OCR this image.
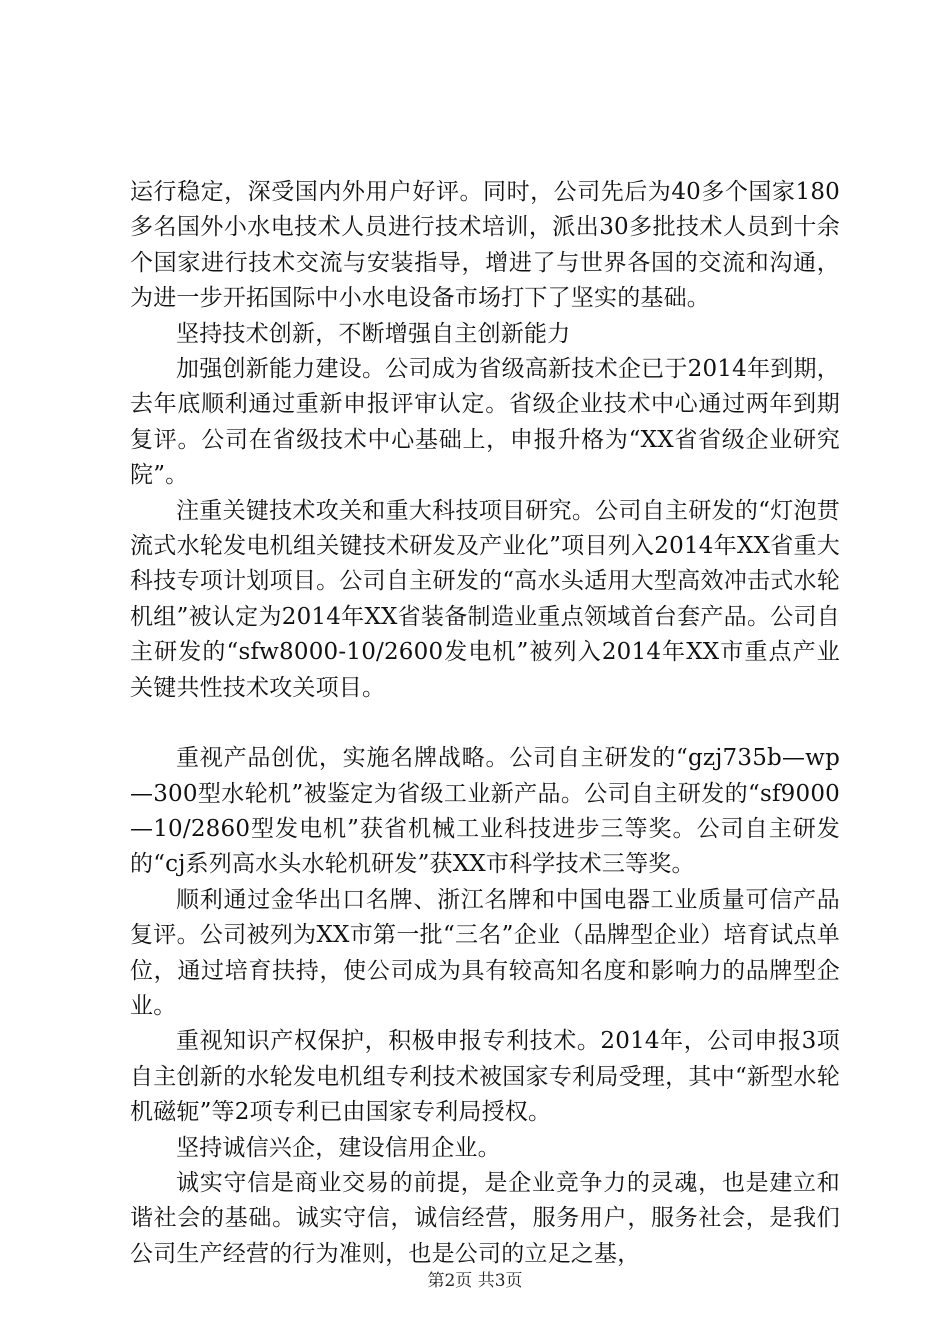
运行稳定，深受国内外用户好评。同时，公司先后为40多个国家180多名国外小水电技术人员进行技术培训，派出30多批技术人员到十余个国家进行技术交流与安装指导，增进了与世界各国的交流和沟通，为进一步开拓国际中小水电设备市场打下了坚实的基础。

坚持技术创新，不断增强自主创新能力

加强创新能力建设。公司成为省级高新技术企已于2014年到期，去年底顺利通过重新申报评审认定。省级企业技术中心通过两年到期复评。公司在省级技术中心基础上，申报升格为“XX省省级企业研究院”。

注重关键技术攻关和重大科技项目研究。公司自主研发的“灯泡贯流式水轮发电机组关键技术研发及产业化”项目列入2014年XX省重大科技专项计划项目。公司自主研发的“高水头适用大型高效冲击式水轮机组”被认定为2014年XX省装备制造业重点领域首台套产品。公司自主研发的“sfw8000-10/2600发电机”被列入2014年XX市重点产业关键共性技术攻关项目。

重视产品创优，实施名牌战略。公司自主研发的“gzj735b—wp—300型水轮机”被鉴定为省级工业新产品。公司自主研发的“sf9000—10/2860型发电机”获省机械工业科技进步三等奖。公司自主研发的“cj系列高水头水轮机研发”获XX市科学技术三等奖。

顺利通过金华出口名牌、浙江名牌和中国电器工业质量可信产品复评。公司被列为XX市第一批“三名”企业（品牌型企业）培育试点单位，通过培育扶持，使公司成为具有较高知名度和影响力的品牌型企业。

重视知识产权保护，积极申报专利技术。2014年，公司申报3项自主创新的水轮发电机组专利技术被国家专利局受理，其中“新型水轮机磁轭”等2项专利已由国家专利局授权。

坚持诚信兴企，建设信用企业。

诚实守信是商业交易的前提，是企业竞争力的灵魂，也是建立和谐社会的基础。诚实守信，诚信经营，服务用户，服务社会，是我们公司生产经营的行为准则，也是公司的立足之基，

第2页 共3页
